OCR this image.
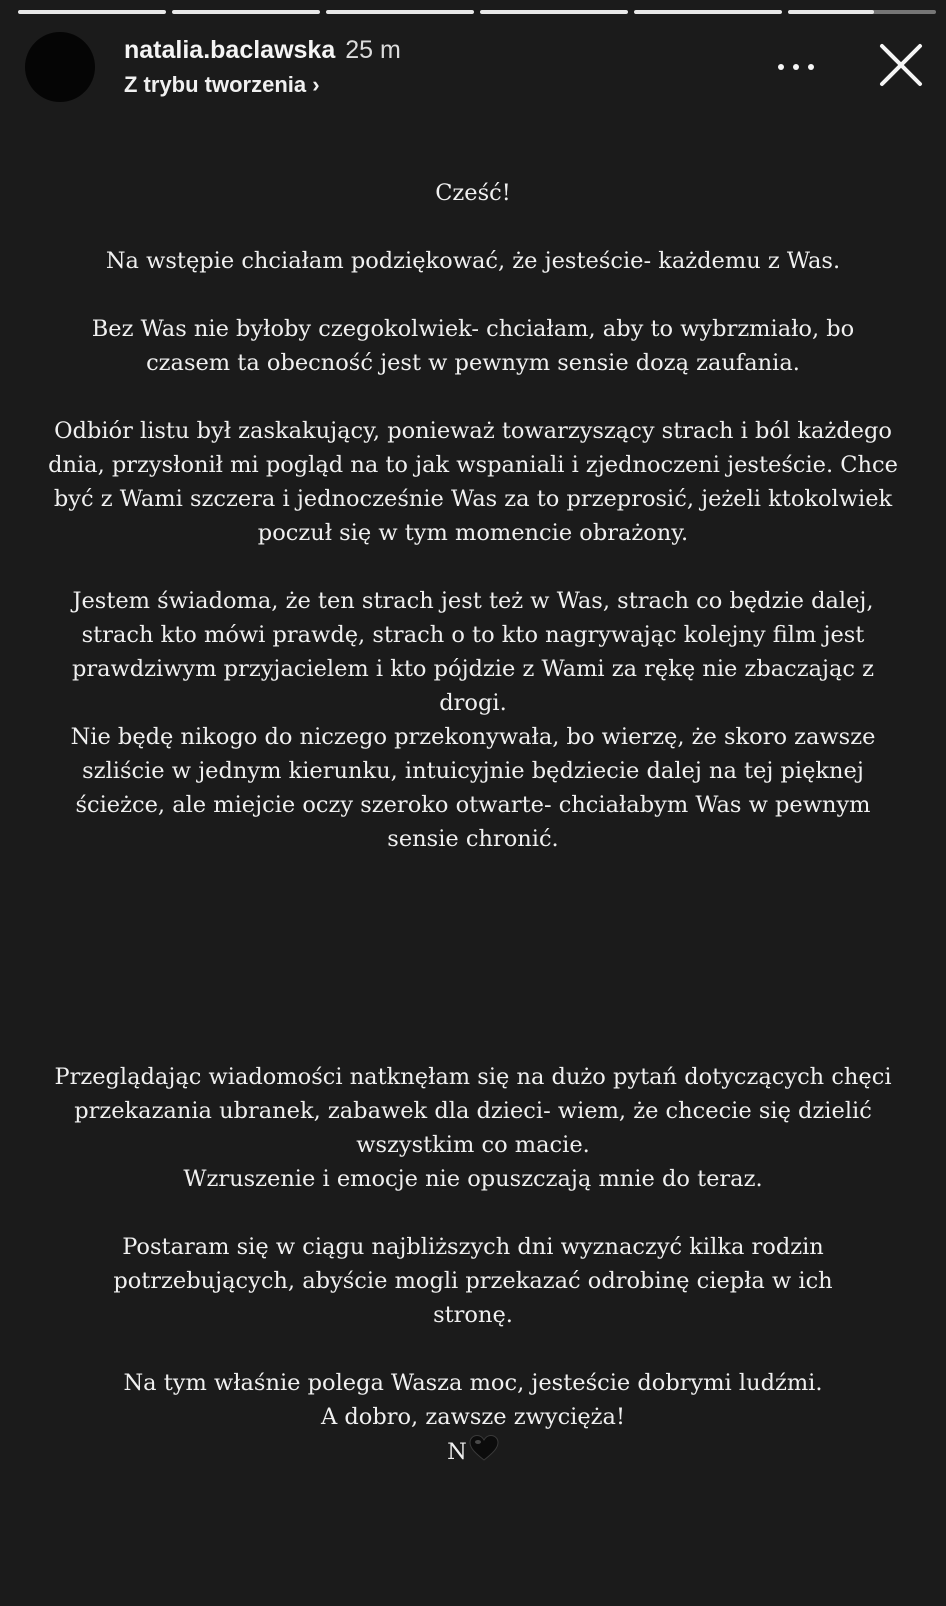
natalia.baclawska 25 m
Z trybu tworzenia ›

Cześć!

Na wstępie chciałam podziękować, że jesteście- każdemu z Was.

Bez Was nie byłoby czegokolwiek- chciałam, aby to wybrzmiało, bo czasem ta obecność jest w pewnym sensie dozą zaufania.

Odbiór listu był zaskakujący, ponieważ towarzyszący strach i ból każdego dnia, przysłonił mi pogląd na to jak wspaniali i zjednoczeni jesteście. Chce być z Wami szczera i jednocześnie Was za to przeprosić, jeżeli ktokolwiek poczuł się w tym momencie obrażony.

Jestem świadoma, że ten strach jest też w Was, strach co będzie dalej, strach kto mówi prawdę, strach o to kto nagrywając kolejny film jest prawdziwym przyjacielem i kto pójdzie z Wami za rękę nie zbaczając z drogi.

Nie będę nikogo do niczego przekonywała, bo wierzę, że skoro zawsze szliście w jednym kierunku, intuicyjnie będziecie dalej na tej pięknej ścieżce, ale miejcie oczy szeroko otwarte- chciałabym Was w pewnym sensie chronić.

Przeglądając wiadomości natknęłam się na dużo pytań dotyczących chęci przekazania ubranek, zabawek dla dzieci- wiem, że chcecie się dzielić wszystkim co macie.

Wzruszenie i emocje nie opuszczają mnie do teraz.

Postaram się w ciągu najbliższych dni wyznaczyć kilka rodzin potrzebujących, abyście mogli przekazać odrobinę ciepła w ich stronę.

Na tym właśnie polega Wasza moc, jesteście dobrymi ludźmi.

A dobro, zawsze zwycięża!

N
